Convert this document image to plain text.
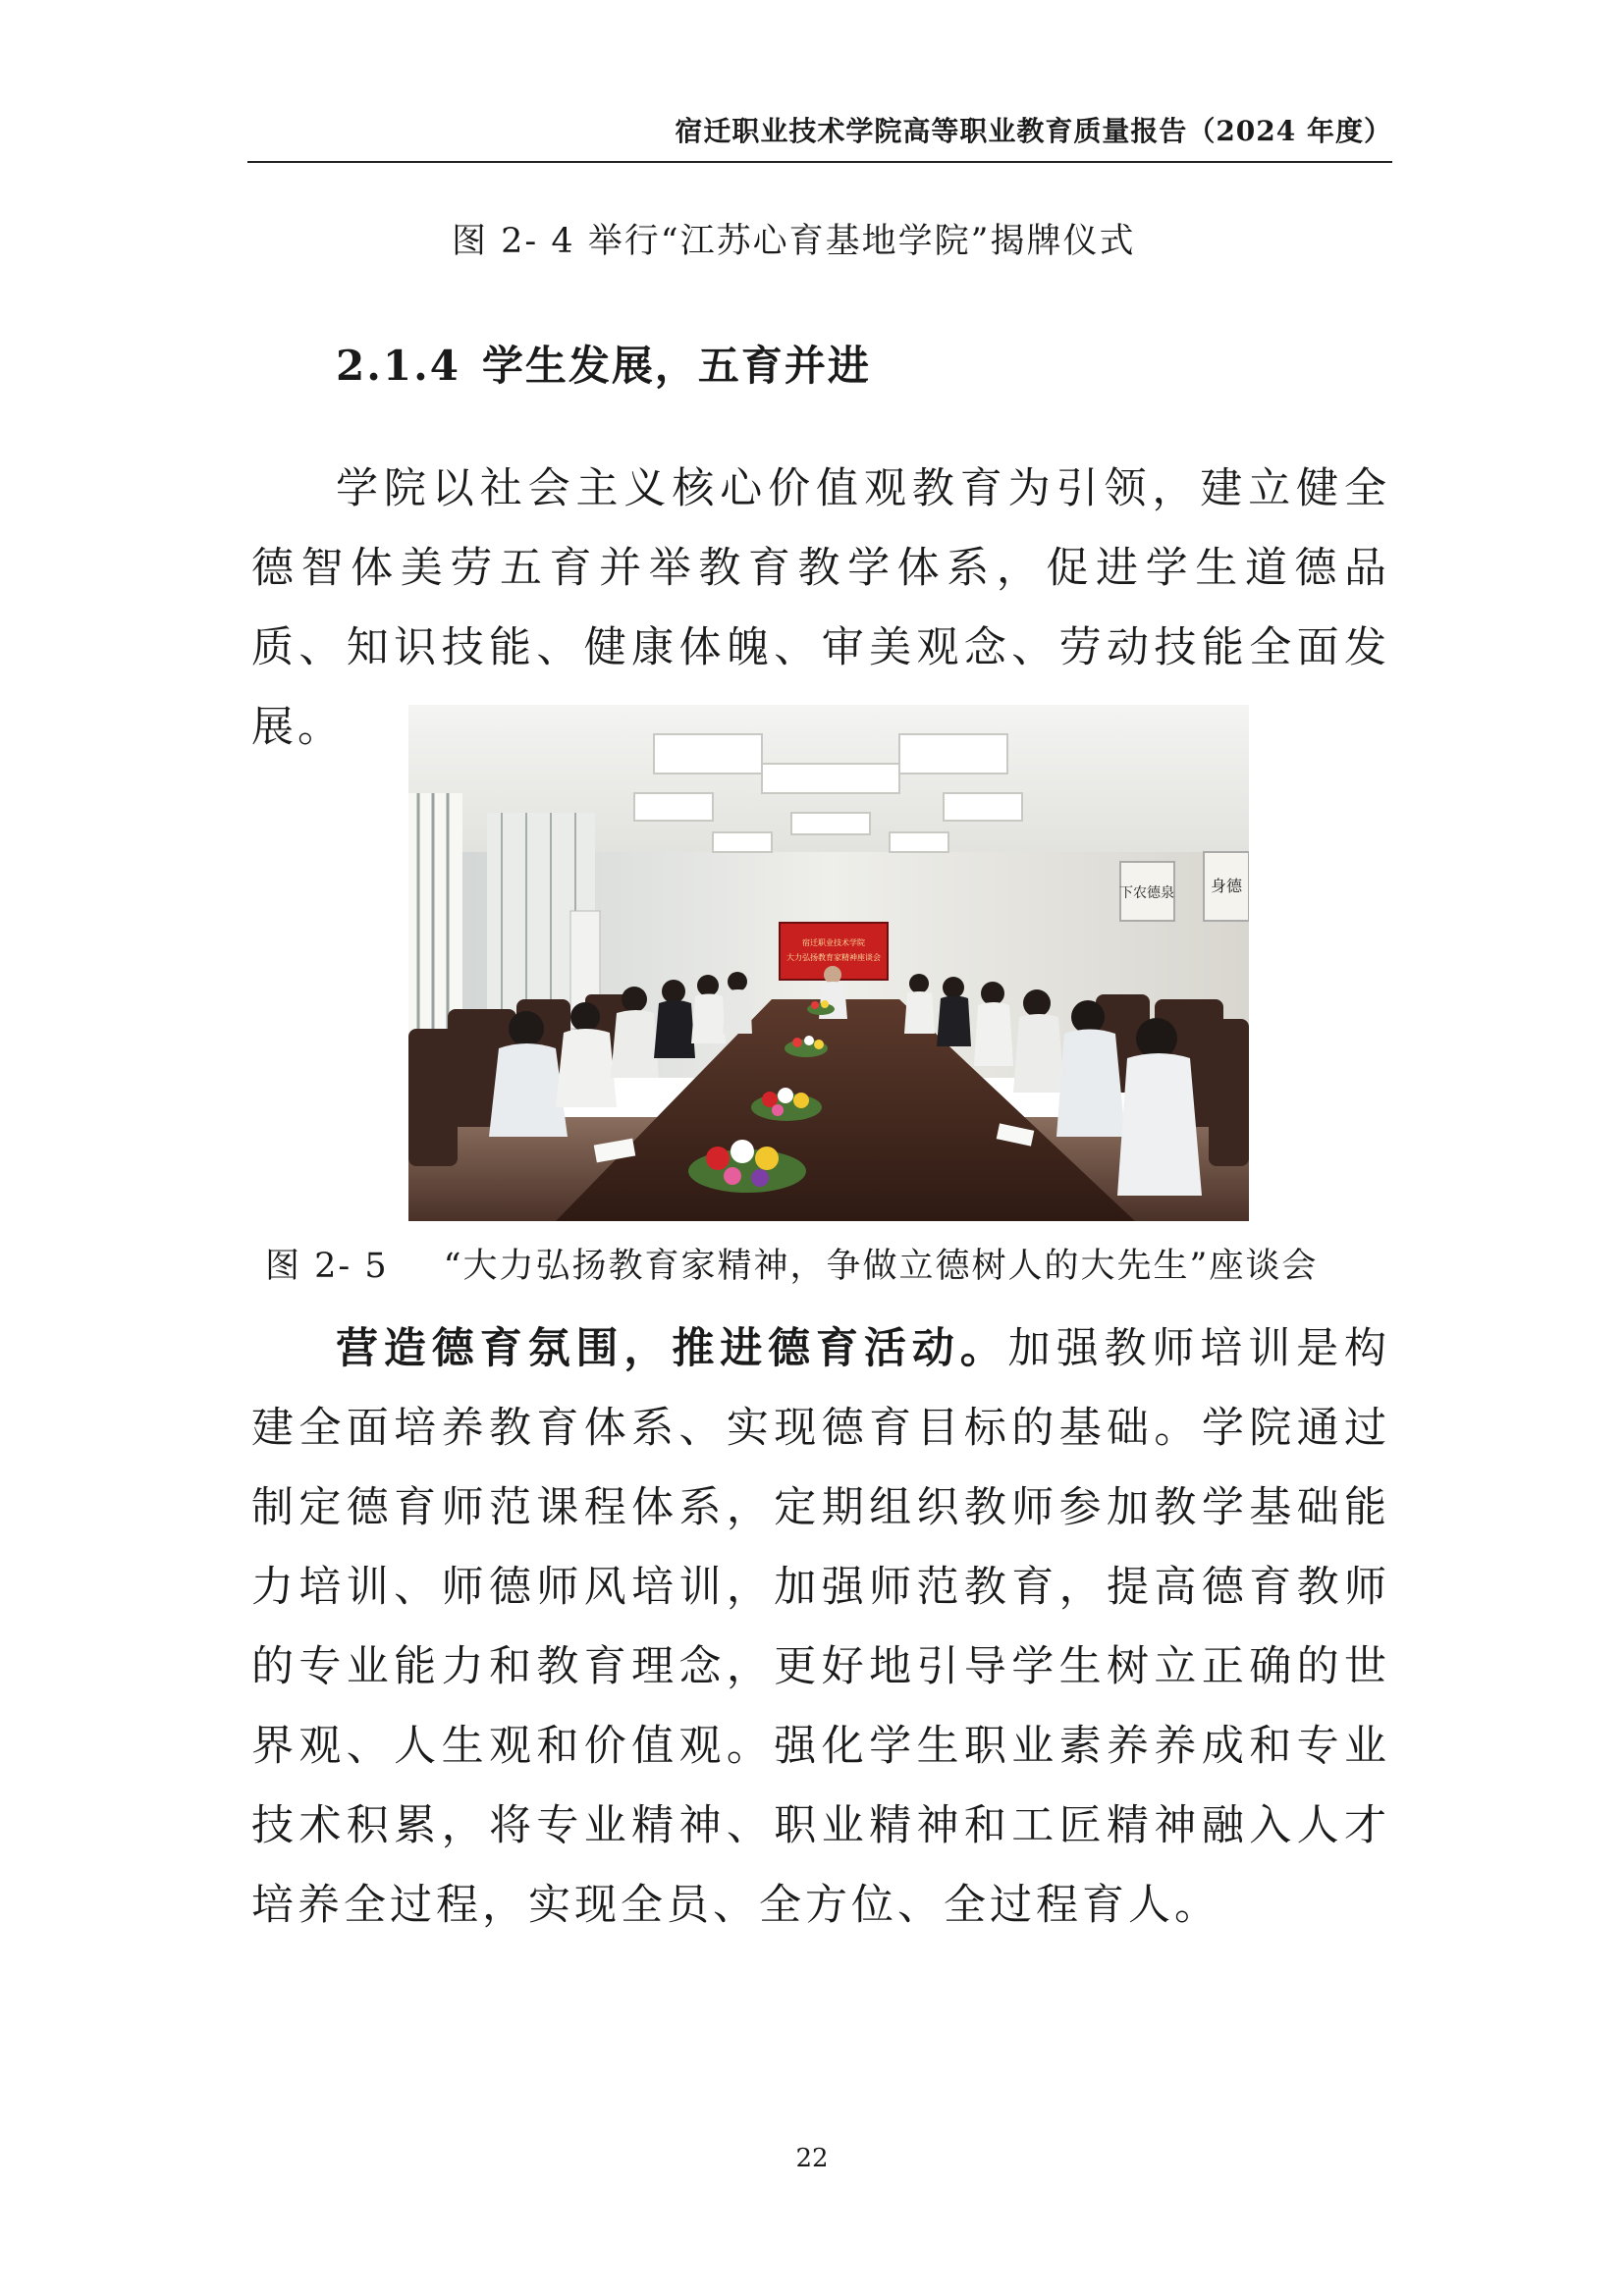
宿迁职业技术学院高等职业教育质量报告（2024 年度）
图 2- 4 举行“江苏心育基地学院”揭牌仪式
2.1.4 学生发展，五育并进

学院以社会主义核心价值观教育为引领，建立健全德智体美劳五育并举教育教学体系，促进学生道德品质、知识技能、健康体魄、审美观念、劳动技能全面发展。

下农德泉 身德
宿迁职业技术学院
大力弘扬教育家精神座谈会
图 2- 5 “大力弘扬教育家精神，争做立德树人的大先生”座谈会

营造德育氛围，推进德育活动。加强教师培训是构建全面培养教育体系、实现德育目标的基础。学院通过制定德育师范课程体系，定期组织教师参加教学基础能力培训、师德师风培训，加强师范教育，提高德育教师的专业能力和教育理念，更好地引导学生树立正确的世界观、人生观和价值观。强化学生职业素养养成和专业技术积累，将专业精神、职业精神和工匠精神融入人才培养全过程，实现全员、全方位、全过程育人。

22
